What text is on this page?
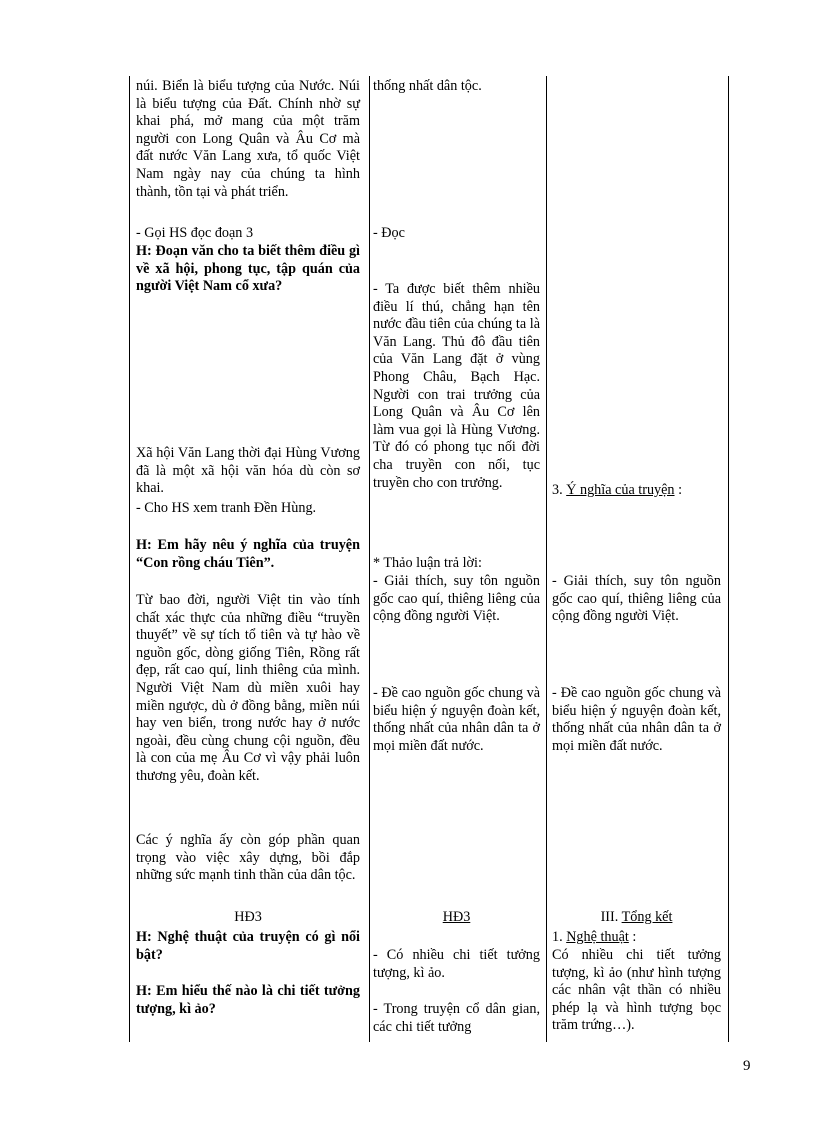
núi. Biển là biểu tượng của Nước. Núi là biểu tượng của Đất. Chính nhờ sự khai phá, mở mang của một trăm người con Long Quân và Âu Cơ mà đất nước Văn Lang xưa, tổ quốc Việt Nam ngày nay của chúng ta hình thành, tồn tại và phát triển.

- Gọi HS đọc đoạn 3

H: Đoạn văn cho ta biết thêm điều gì về xã hội, phong tục, tập quán của người Việt Nam cổ xưa?

Xã hội Văn Lang thời đại Hùng Vương đã là một xã hội văn hóa dù còn sơ khai.

- Cho HS xem tranh Đền Hùng.

H: Em hãy nêu ý nghĩa của truyện “Con rồng cháu Tiên”.

Từ bao đời, người Việt tin vào tính chất xác thực của những điều “truyền thuyết” về sự tích tổ tiên và tự hào về nguồn gốc, dòng giống Tiên, Rồng rất đẹp, rất cao quí, linh thiêng của mình. Người Việt Nam dù miền xuôi hay miền ngược, dù ở đồng bằng, miền núi hay ven biển, trong nước hay ở nước ngoài, đều cùng chung cội nguồn, đều là con của mẹ Âu Cơ vì vậy phải luôn thương yêu, đoàn kết.

Các ý nghĩa ấy còn góp phần quan trọng vào việc xây dựng, bồi đắp những sức mạnh tinh thần của dân tộc.

HĐ3

H: Nghệ thuật của truyện có gì nổi bật?

H: Em hiểu thế nào là chi tiết tưởng tượng, kì ảo?

thống nhất dân tộc.

- Đọc

- Ta được biết thêm nhiều điều lí thú, chẳng hạn tên nước đầu tiên của chúng ta là Văn Lang. Thủ đô đầu tiên của Văn Lang đặt ở vùng Phong Châu, Bạch Hạc. Người con trai trưởng của Long Quân và Âu Cơ lên làm vua gọi là Hùng Vương. Từ đó có phong tục nối đời cha truyền con nối, tục truyền cho con trưởng.

* Thảo luận trả lời:

- Giải thích, suy tôn nguồn gốc cao quí, thiêng liêng của cộng đồng người Việt.

- Đề cao nguồn gốc chung và biểu hiện ý nguyện đoàn kết, thống nhất của nhân dân ta ở mọi miền đất nước.

HĐ3

- Có nhiều chi tiết tưởng tượng, kì ảo.

- Trong truyện cổ dân gian, các chi tiết tưởng

3. Ý nghĩa của truyện :

- Giải thích, suy tôn nguồn gốc cao quí, thiêng liêng của cộng đồng người Việt.

- Đề cao nguồn gốc chung và biểu hiện ý nguyện đoàn kết, thống nhất của nhân dân ta ở mọi miền đất nước.

III. Tổng kết

1. Nghệ thuật :

Có nhiều chi tiết tưởng tượng, kì ảo (như hình tượng các nhân vật thần có nhiều phép lạ và hình tượng bọc trăm trứng…).

9
